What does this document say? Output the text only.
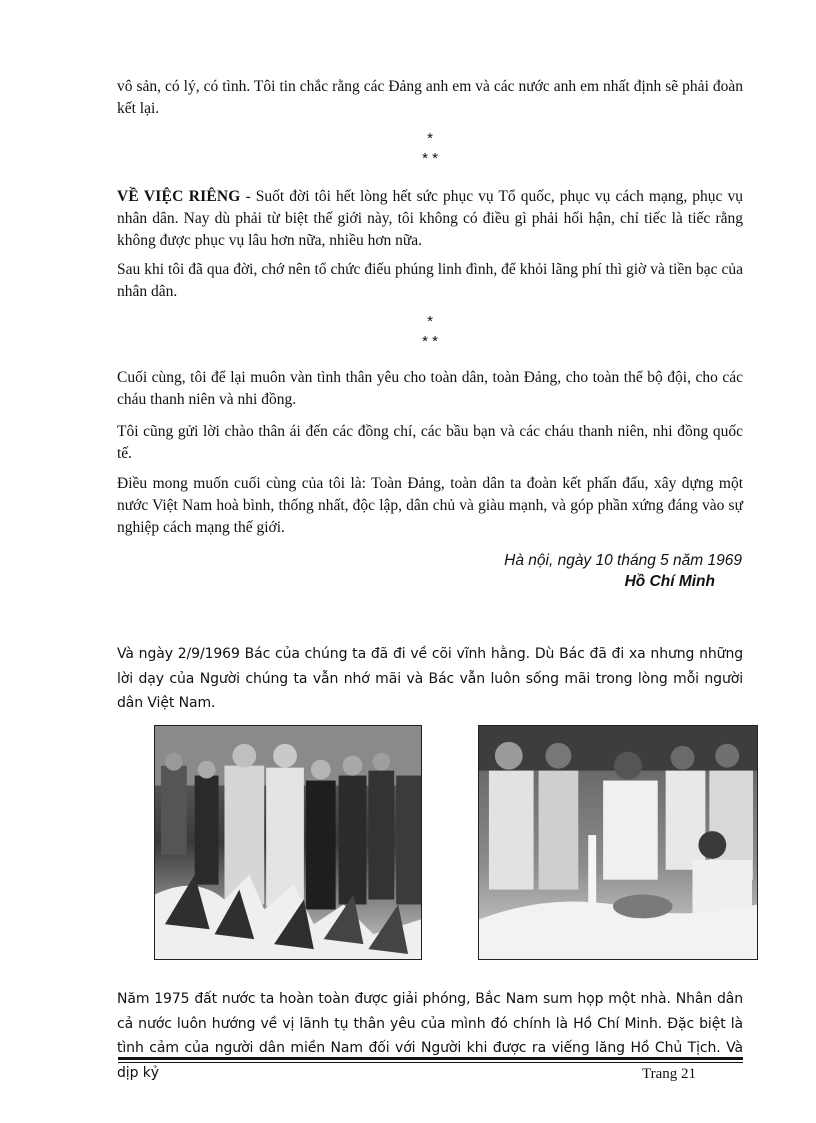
vô sản, có lý, có tình. Tôi tin chắc rằng các Đảng anh em và các nước anh em nhất định sẽ phải đoàn kết lại.

*
* *

VỀ VIỆC RIÊNG - Suốt đời tôi hết lòng hết sức phục vụ Tổ quốc, phục vụ cách mạng, phục vụ nhân dân. Nay dù phải từ biệt thế giới này, tôi không có điều gì phải hối hận, chỉ tiếc là tiếc rằng không được phục vụ lâu hơn nữa, nhiều hơn nữa.

Sau khi tôi đã qua đời, chớ nên tổ chức điếu phúng linh đình, để khỏi lãng phí thì giờ và tiền bạc của nhân dân.

*
* *

Cuối cùng, tôi để lại muôn vàn tình thân yêu cho toàn dân, toàn Đảng, cho toàn thể bộ đội, cho các cháu thanh niên và nhi đồng.

Tôi cũng gửi lời chào thân ái đến các đồng chí, các bầu bạn và các cháu thanh niên, nhi đồng quốc tế.

Điều mong muốn cuối cùng của tôi là: Toàn Đảng, toàn dân ta đoàn kết phấn đấu, xây dựng một nước Việt Nam hoà bình, thống nhất, độc lập, dân chủ và giàu mạnh, và góp phần xứng đáng vào sự nghiệp cách mạng thế giới.

Hà nội, ngày 10 tháng 5 năm 1969
Hồ Chí Minh

Và ngày 2/9/1969 Bác của chúng ta đã đi về cõi vĩnh hằng. Dù Bác đã đi xa nhưng những lời dạy của Người chúng ta vẫn nhớ mãi và Bác vẫn luôn sống mãi trong lòng mỗi người dân Việt Nam.

Năm 1975 đất nước ta hoàn toàn được giải phóng, Bắc Nam sum họp một nhà. Nhân dân cả nước luôn hướng về vị lãnh tụ thân yêu của mình đó chính là Hồ Chí Minh. Đặc biệt là tình cảm của người dân miền Nam đối với Người khi được ra viếng lăng Hồ Chủ Tịch. Và dịp kỷ	Trang 21
